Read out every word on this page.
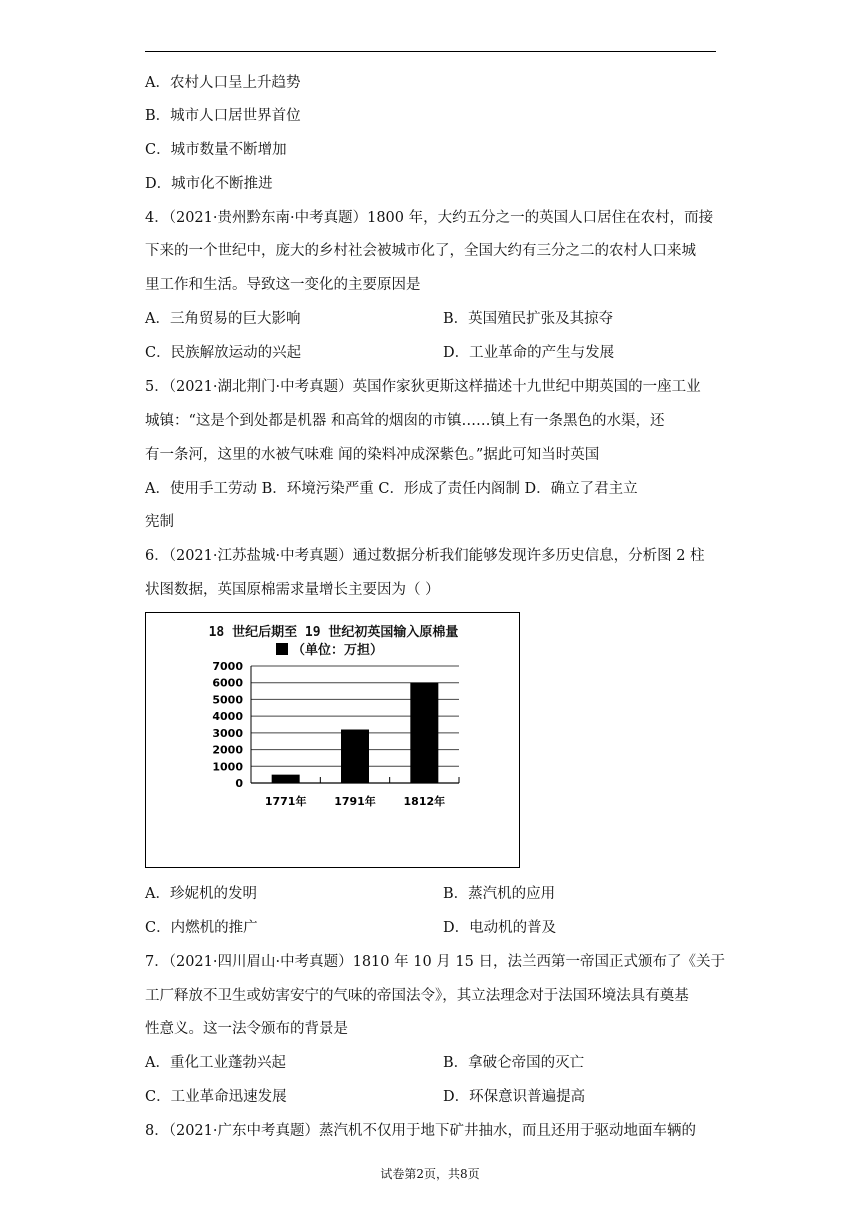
A．农村人口呈上升趋势
B．城市人口居世界首位
C．城市数量不断增加
D．城市化不断推进
4．（2021·贵州黔东南·中考真题）1800 年，大约五分之一的英国人口居住在农村，而接
下来的一个世纪中，庞大的乡村社会被城市化了，全国大约有三分之二的农村人口来城
里工作和生活。导致这一变化的主要原因是
A．三角贸易的巨大影响	B．英国殖民扩张及其掠夺
C．民族解放运动的兴起	D．工业革命的产生与发展
5．（2021·湖北荆门·中考真题）英国作家狄更斯这样描述十九世纪中期英国的一座工业
城镇：“这是个到处都是机器 和高耸的烟囱的市镇……镇上有一条黑色的水渠，还
有一条河，这里的水被气味难 闻的染料冲成深紫色。”据此可知当时英国
A．使用手工劳动 B．环境污染严重 C．形成了责任内阁制 D．确立了君主立
宪制
6．（2021·江苏盐城·中考真题）通过数据分析我们能够发现许多历史信息，分析图 2 柱
状图数据，英国原棉需求量增长主要因为（ ）
18 世纪后期至 19 世纪初英国输入原棉量
（单位：万担）
0
1000
2000
3000
4000
5000
6000
7000
1771年	1791年	1812年
A．珍妮机的发明	B．蒸汽机的应用
C．内燃机的推广	D．电动机的普及
7．（2021·四川眉山·中考真题）1810 年 10 月 15 日，法兰西第一帝国正式颁布了《关于
工厂释放不卫生或妨害安宁的气味的帝国法令》，其立法理念对于法国环境法具有奠基
性意义。这一法令颁布的背景是
A．重化工业蓬勃兴起	B．拿破仑帝国的灭亡
C．工业革命迅速发展	D．环保意识普遍提高
8．（2021·广东中考真题）蒸汽机不仅用于地下矿井抽水，而且还用于驱动地面车辆的
试卷第2页，共8页
